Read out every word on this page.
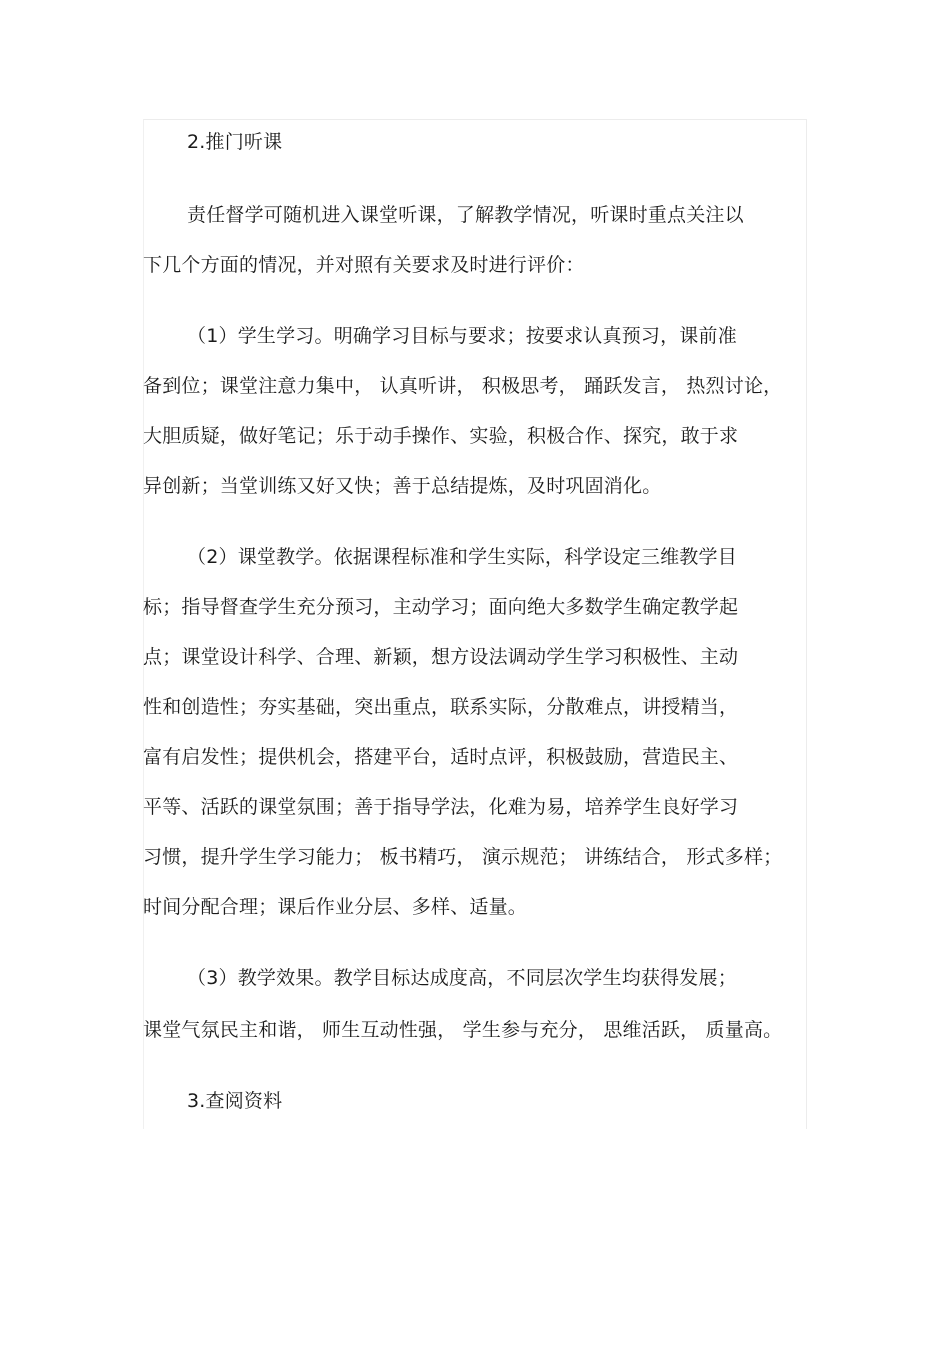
2.推门听课

责任督学可随机进入课堂听课，了解教学情况，听课时重点关注以

下几个方面的情况，并对照有关要求及时进行评价：

（1）学生学习。明确学习目标与要求；按要求认真预习，课前准

备到位；课堂注意力集中， 认真听讲， 积极思考， 踊跃发言， 热烈讨论，

大胆质疑，做好笔记；乐于动手操作、实验，积极合作、探究，敢于求

异创新；当堂训练又好又快；善于总结提炼，及时巩固消化。

（2）课堂教学。依据课程标准和学生实际，科学设定三维教学目

标；指导督查学生充分预习，主动学习；面向绝大多数学生确定教学起

点；课堂设计科学、合理、新颖，想方设法调动学生学习积极性、主动

性和创造性；夯实基础，突出重点，联系实际，分散难点，讲授精当，

富有启发性；提供机会，搭建平台，适时点评，积极鼓励，营造民主、

平等、活跃的课堂氛围；善于指导学法，化难为易，培养学生良好学习

习惯，提升学生学习能力； 板书精巧， 演示规范； 讲练结合， 形式多样；

时间分配合理；课后作业分层、多样、适量。

（3）教学效果。教学目标达成度高，不同层次学生均获得发展；

课堂气氛民主和谐， 师生互动性强， 学生参与充分， 思维活跃， 质量高。

3.查阅资料
